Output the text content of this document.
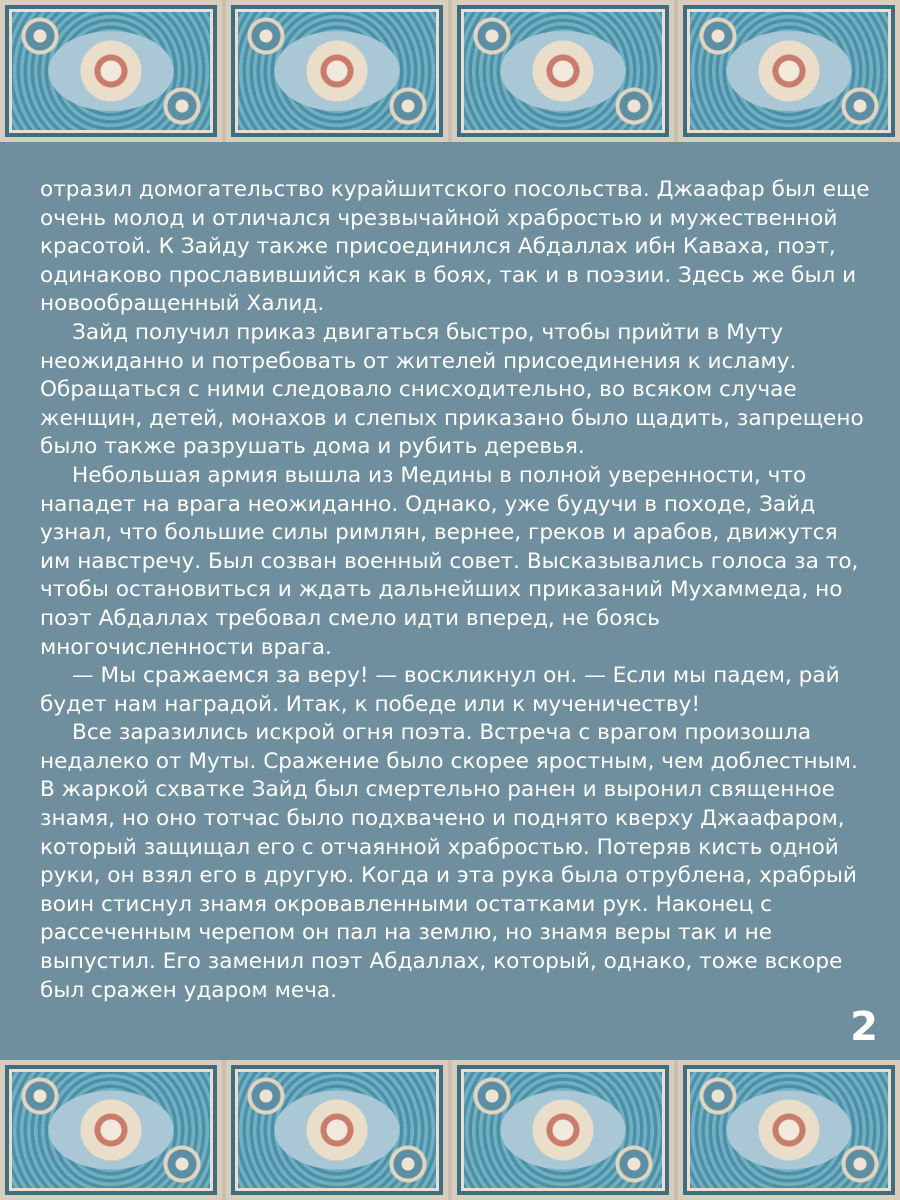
отразил домогательство курайшитского посольства. Джаафар был еще очень молод и отличался чрезвычайной храбростью и мужественной красотой. К Зайду также присоединился Абдаллах ибн Каваха, поэт, одинаково прославившийся как в боях, так и в поэзии. Здесь же был и новообращенный Халид.

Зайд получил приказ двигаться быстро, чтобы прийти в Муту неожиданно и потребовать от жителей присоединения к исламу. Обращаться с ними следовало снисходительно, во всяком случае женщин, детей, монахов и слепых приказано было щадить, запрещено было также разрушать дома и рубить деревья.

Небольшая армия вышла из Медины в полной уверенности, что нападет на врага неожиданно. Однако, уже будучи в походе, Зайд узнал, что большие силы римлян, вернее, греков и арабов, движутся им навстречу. Был созван военный совет. Высказывались голоса за то, чтобы остановиться и ждать дальнейших приказаний Мухаммеда, но поэт Абдаллах требовал смело идти вперед, не боясь многочисленности врага.

— Мы сражаемся за веру! — воскликнул он. — Если мы падем, рай будет нам наградой. Итак, к победе или к мученичеству!

Все заразились искрой огня поэта. Встреча с врагом произошла недалеко от Муты. Сражение было скорее яростным, чем доблестным. В жаркой схватке Зайд был смертельно ранен и выронил священное знамя, но оно тотчас было подхвачено и поднято кверху Джаафаром, который защищал его с отчаянной храбростью. Потеряв кисть одной руки, он взял его в другую. Когда и эта рука была отрублена, храбрый воин стиснул знамя окровавленными остатками рук. Наконец с рассеченным черепом он пал на землю, но знамя веры так и не выпустил. Его заменил поэт Абдаллах, который, однако, тоже вскоре был сражен ударом меча.

2
